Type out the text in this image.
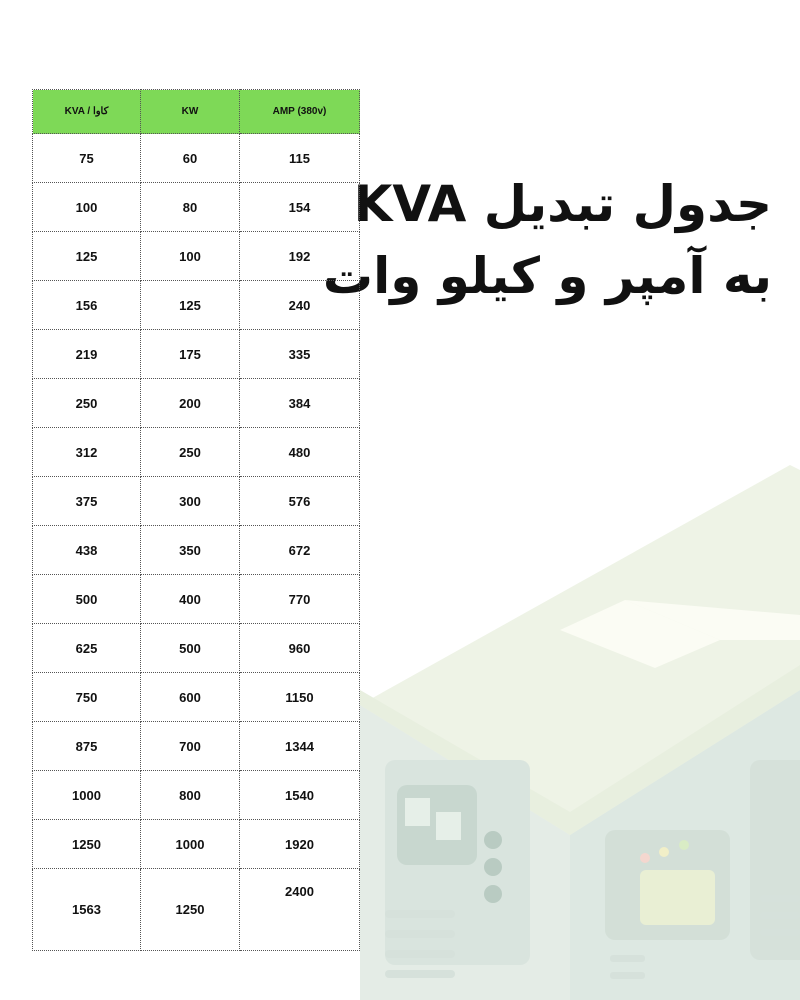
جدول تبدیل KVA
به آمپر و کیلو وات
KVA / کاوا	KW	AMP (380v)
75	60	115
100	80	154
125	100	192
156	125	240
219	175	335
250	200	384
312	250	480
375	300	576
438	350	672
500	400	770
625	500	960
750	600	1150
875	700	1344
1000	800	1540
1250	1000	1920
1563	1250	2400
